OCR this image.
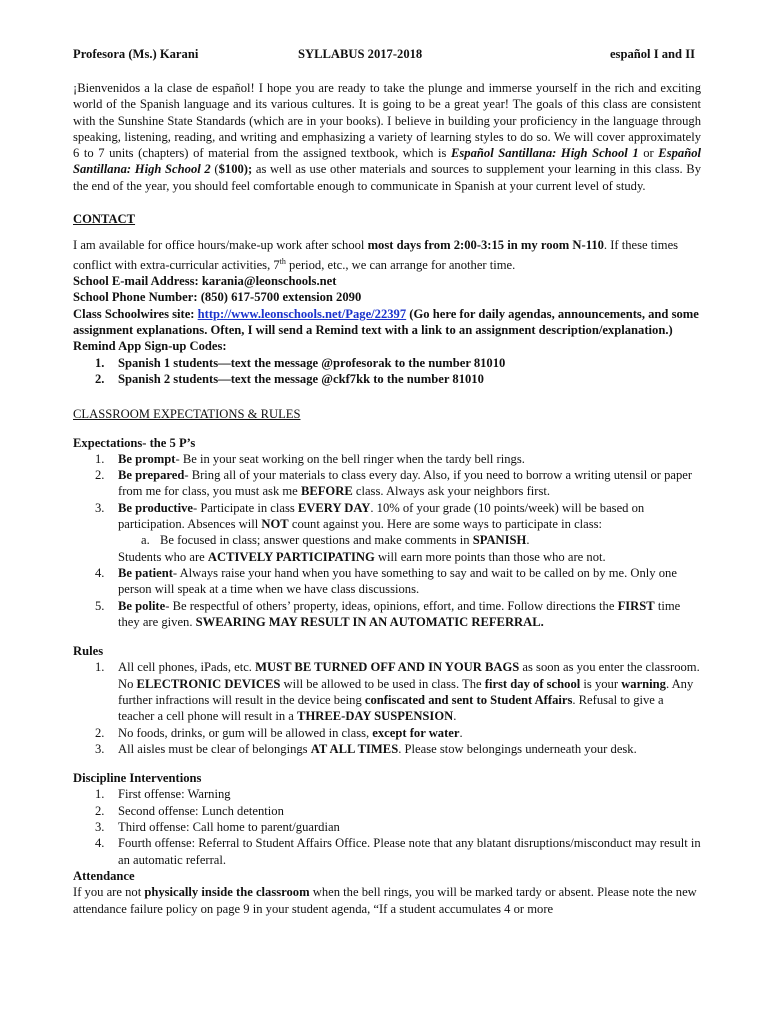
Profesora (Ms.) Karani	SYLLABUS 2017-2018	español I and II

¡Bienvenidos a la clase de español! I hope you are ready to take the plunge and immerse yourself in the rich and exciting world of the Spanish language and its various cultures. It is going to be a great year! The goals of this class are consistent with the Sunshine State Standards (which are in your books). I believe in building your proficiency in the language through speaking, listening, reading, and writing and emphasizing a variety of learning styles to do so. We will cover approximately 6 to 7 units (chapters) of material from the assigned textbook, which is Español Santillana: High School 1 or Español Santillana: High School 2 ($100); as well as use other materials and sources to supplement your learning in this class. By the end of the year, you should feel comfortable enough to communicate in Spanish at your current level of study.

CONTACT

I am available for office hours/make-up work after school most days from 2:00-3:15 in my room N-110. If these times conflict with extra-curricular activities, 7th period, etc., we can arrange for another time.

School E-mail Address: karania@leonschools.net

School Phone Number: (850) 617-5700 extension 2090

Class Schoolwires site: http://www.leonschools.net/Page/22397 (Go here for daily agendas, announcements, and some assignment explanations. Often, I will send a Remind text with a link to an assignment description/explanation.)

Remind App Sign-up Codes:

1. Spanish 1 students—text the message @profesorak to the number 81010
2. Spanish 2 students—text the message @ckf7kk to the number 81010
CLASSROOM EXPECTATIONS & RULES

Expectations- the 5 P’s

1. Be prompt- Be in your seat working on the bell ringer when the tardy bell rings.
2. Be prepared- Bring all of your materials to class every day. Also, if you need to borrow a writing utensil or paper from me for class, you must ask me BEFORE class. Always ask your neighbors first.
3. Be productive- Participate in class EVERY DAY. 10% of your grade (10 points/week) will be based on participation. Absences will NOT count against you. Here are some ways to participate in class:
a. Be focused in class; answer questions and make comments in SPANISH.
Students who are ACTIVELY PARTICIPATING will earn more points than those who are not.
4. Be patient- Always raise your hand when you have something to say and wait to be called on by me. Only one person will speak at a time when we have class discussions.
5. Be polite- Be respectful of others’ property, ideas, opinions, effort, and time. Follow directions the FIRST time they are given. SWEARING MAY RESULT IN AN AUTOMATIC REFERRAL.

Rules

1. All cell phones, iPads, etc. MUST BE TURNED OFF AND IN YOUR BAGS as soon as you enter the classroom. No ELECTRONIC DEVICES will be allowed to be used in class. The first day of school is your warning. Any further infractions will result in the device being confiscated and sent to Student Affairs. Refusal to give a teacher a cell phone will result in a THREE-DAY SUSPENSION.
2. No foods, drinks, or gum will be allowed in class, except for water.
3. All aisles must be clear of belongings AT ALL TIMES. Please stow belongings underneath your desk.

Discipline Interventions

1. First offense: Warning
2. Second offense: Lunch detention
3. Third offense: Call home to parent/guardian
4. Fourth offense: Referral to Student Affairs Office. Please note that any blatant disruptions/misconduct may result in an automatic referral.

Attendance

If you are not physically inside the classroom when the bell rings, you will be marked tardy or absent. Please note the new attendance failure policy on page 9 in your student agenda, “If a student accumulates 4 or more
